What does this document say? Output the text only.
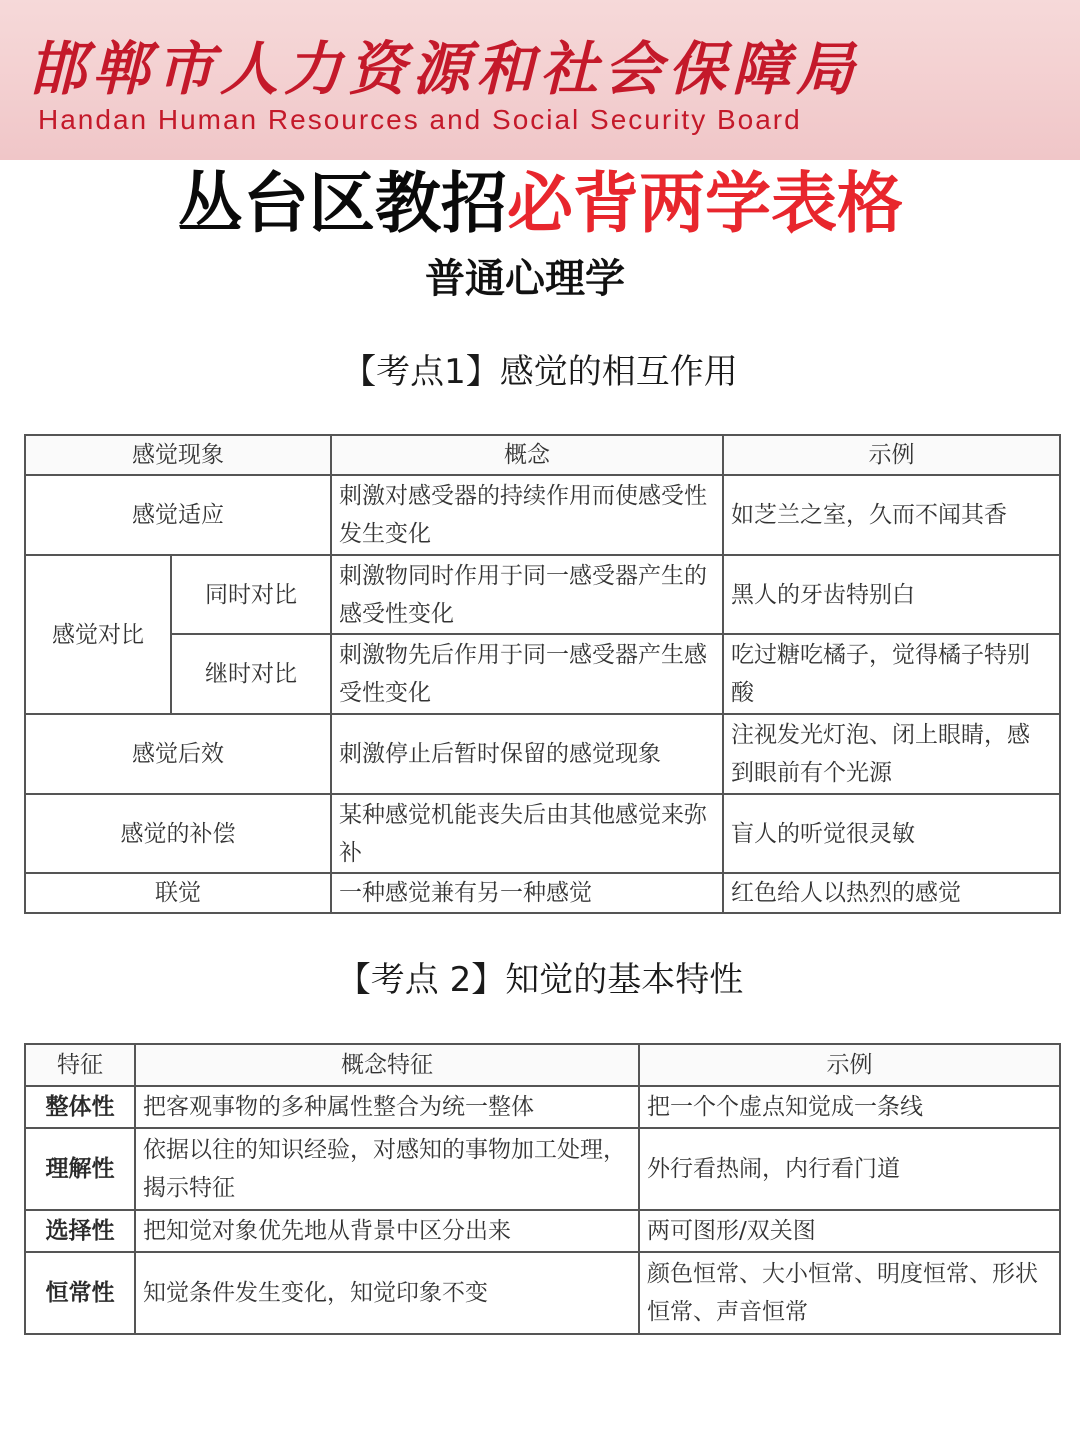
邯郸市人力资源和社会保障局
Handan Human Resources and Social Security Board
丛台区教招必背两学表格
普通心理学
【考点1】感觉的相互作用
感觉现象		概念	示例
感觉适应		刺激对感受器的持续作用而使感受性发生变化	如芝兰之室，久而不闻其香
感觉对比	同时对比	刺激物同时作用于同一感受器产生的感受性变化	黑人的牙齿特别白
	继时对比	刺激物先后作用于同一感受器产生感受性变化	吃过糖吃橘子，觉得橘子特别酸
感觉后效		刺激停止后暂时保留的感觉现象	注视发光灯泡、闭上眼睛，感到眼前有个光源
感觉的补偿		某种感觉机能丧失后由其他感觉来弥补	盲人的听觉很灵敏
联觉		一种感觉兼有另一种感觉	红色给人以热烈的感觉
【考点 2】知觉的基本特性
特征	概念特征	示例
整体性	把客观事物的多种属性整合为统一整体	把一个个虚点知觉成一条线
理解性	依据以往的知识经验，对感知的事物加工处理，揭示特征	外行看热闹，内行看门道
选择性	把知觉对象优先地从背景中区分出来	两可图形/双关图
恒常性	知觉条件发生变化，知觉印象不变	颜色恒常、大小恒常、明度恒常、形状恒常、声音恒常
